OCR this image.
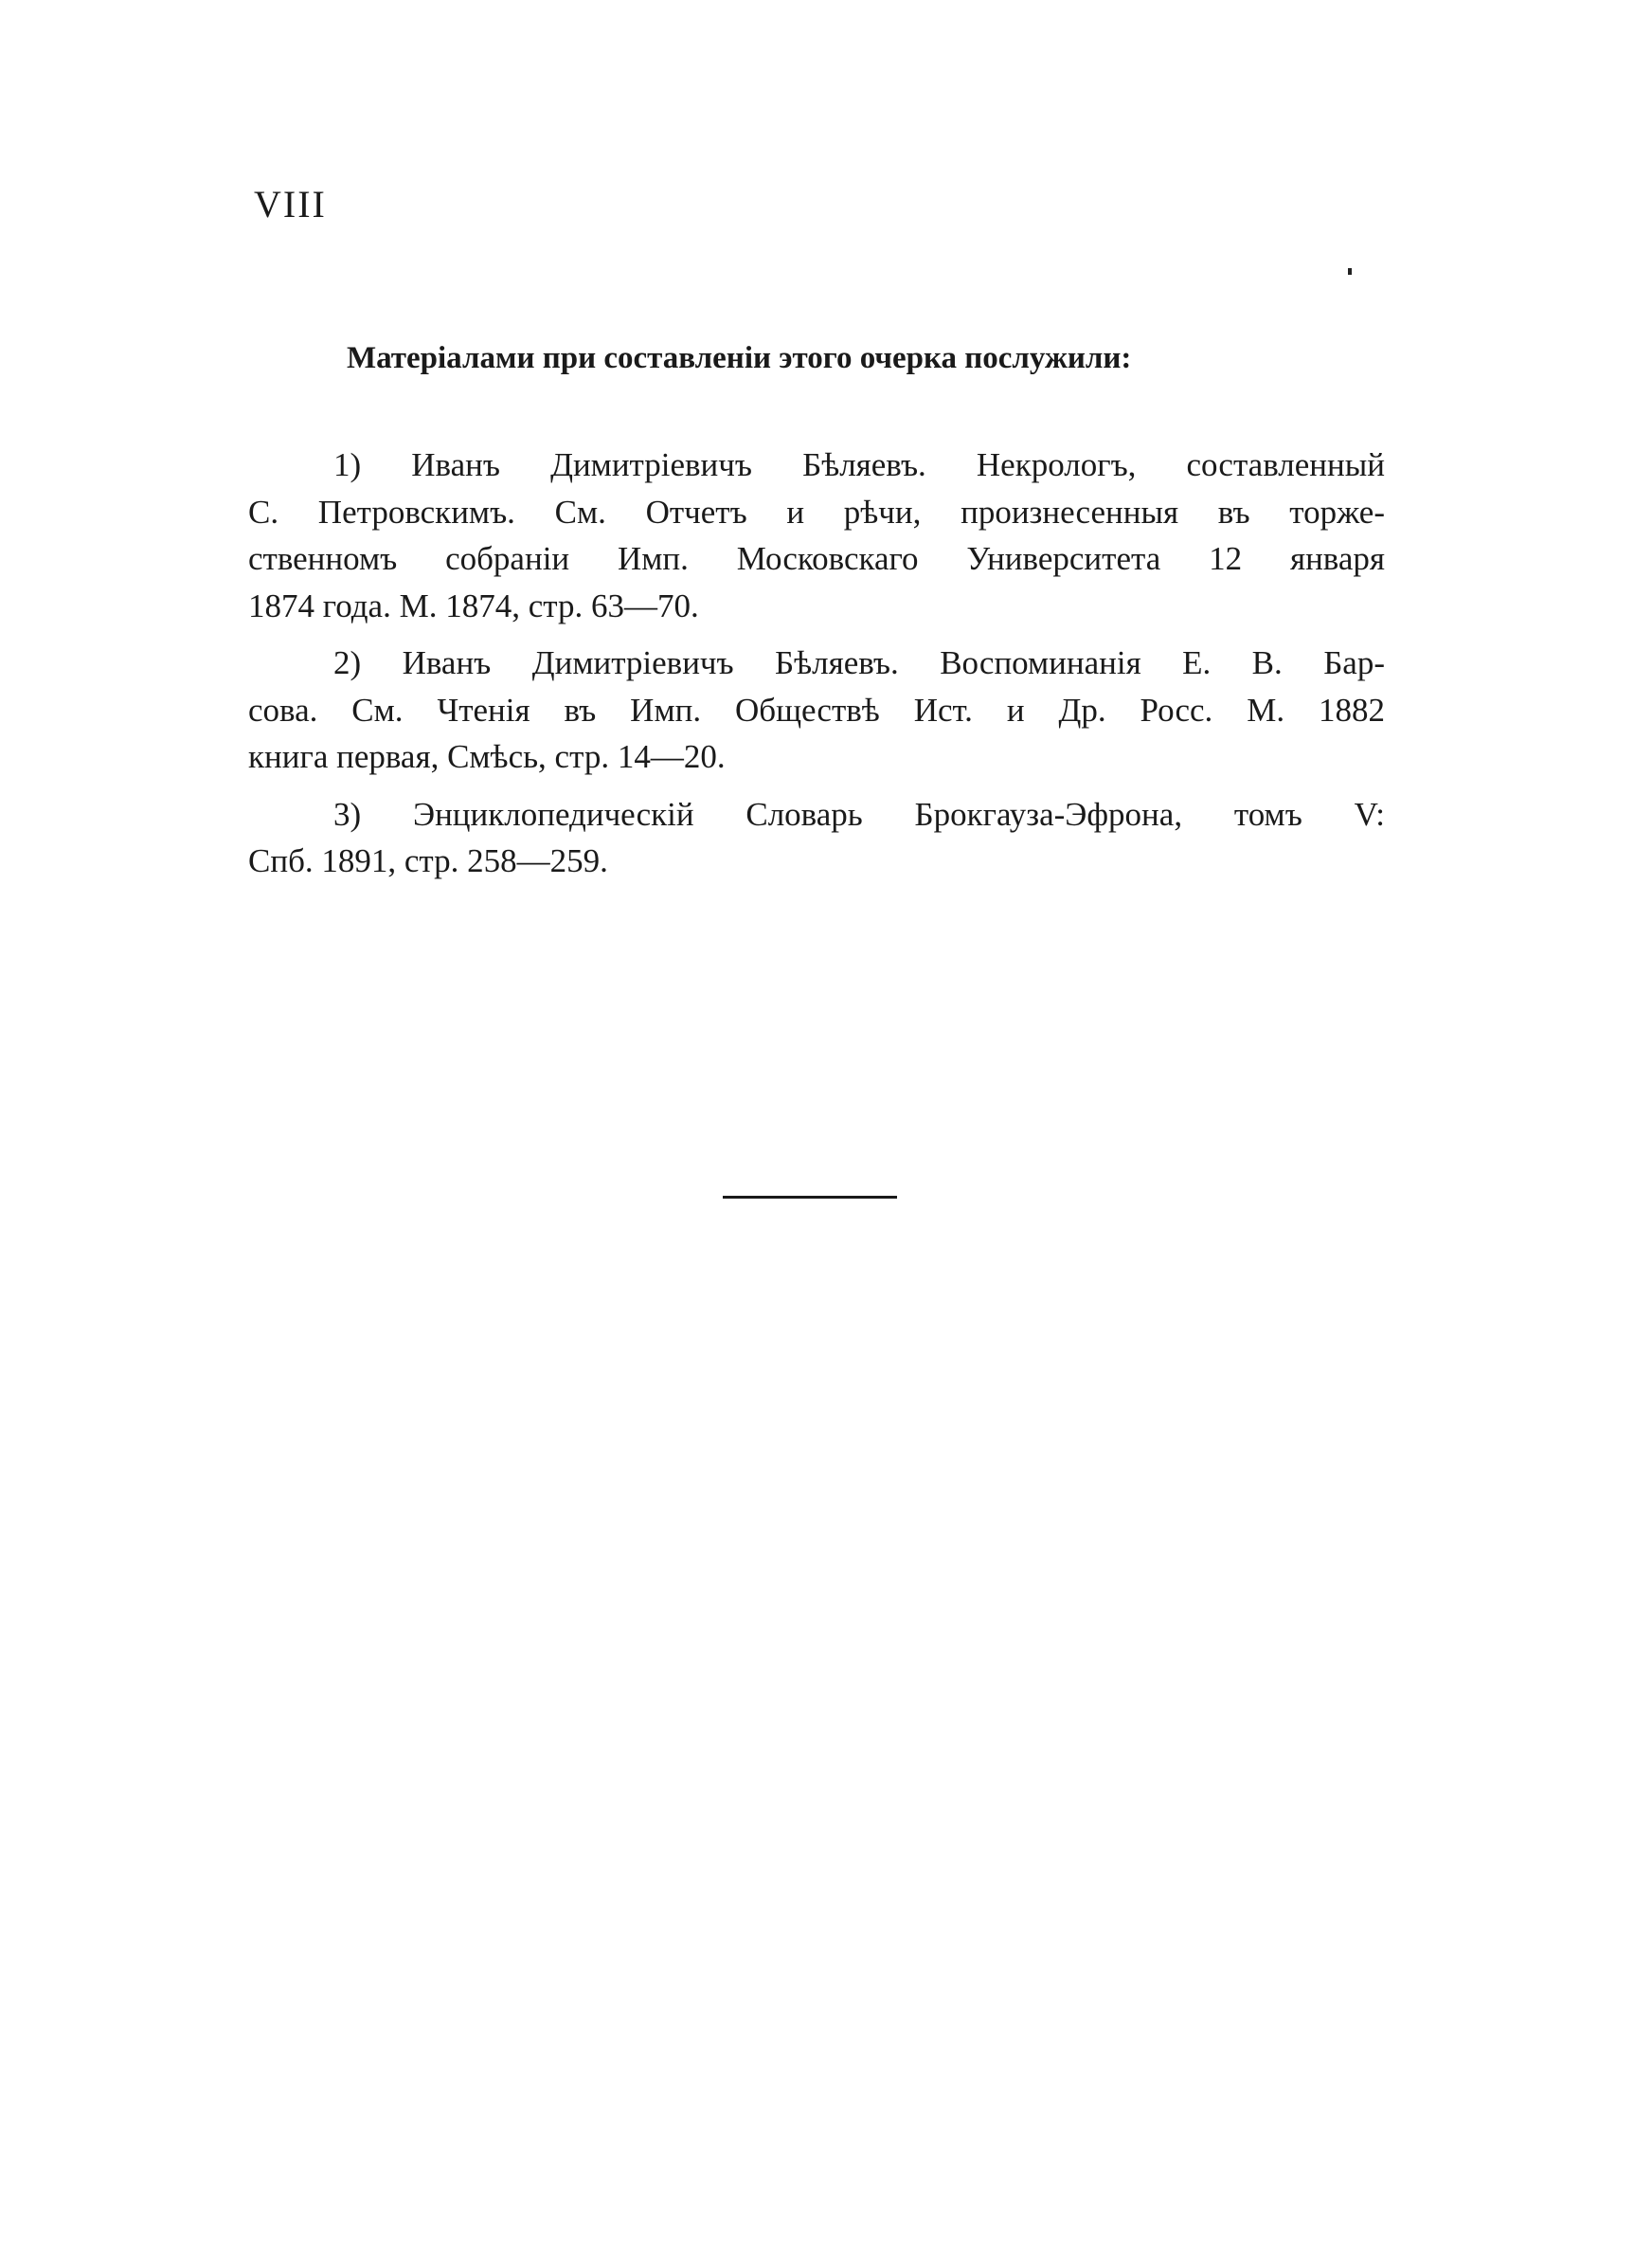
VIII
Матеріалами при составленіи этого очерка послужили:
1) Иванъ Димитріевичъ Бѣляевъ. Некрологъ, составленный
С. Петровскимъ. См. Отчетъ и рѣчи, произнесенныя въ торже-
ственномъ собраніи Имп. Московскаго Университета 12 января
1874 года. М. 1874, стр. 63—70.
2) Иванъ Димитріевичъ Бѣляевъ. Воспоминанія Е. В. Бар-
сова. См. Чтенія въ Имп. Обществѣ Ист. и Др. Росс. М. 1882
книга первая, Смѣсь, стр. 14—20.
3) Энциклопедическій Словарь Брокгауза-Эфрона, томъ V:
Спб. 1891, стр. 258—259.
